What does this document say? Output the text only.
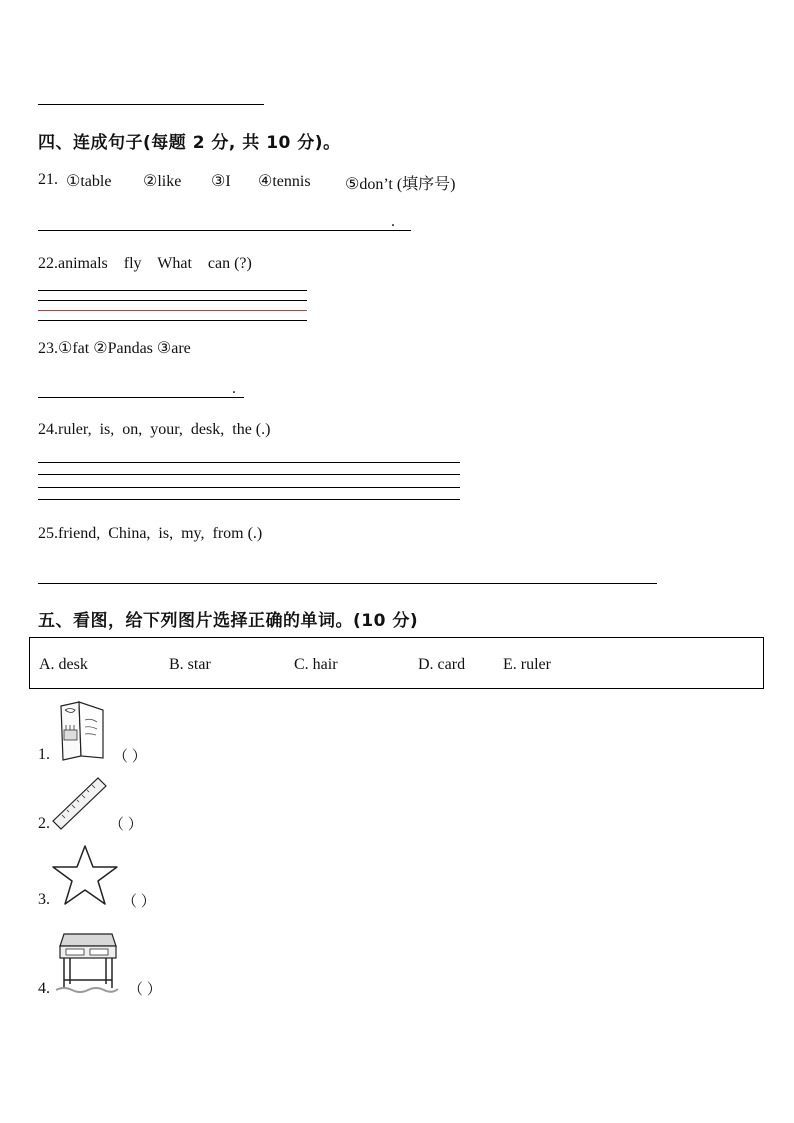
四、连成句子(每题 2 分, 共 10 分)。
21. ①table ②like ③I ④tennis ⑤don’t (填序号)
.
22.animals    fly    What    can (?)
23.①fat ②Pandas ③are
.
24.ruler,  is,  on,  your,  desk,  the (.)
25.friend,  China,  is,  my,  from (.)
五、看图，给下列图片选择正确的单词。(10 分)
A. desk	B. star	C. hair	D. card E. ruler
1.	（ ）
2.	（ ）
3.	（ ）
4.	（ ）
